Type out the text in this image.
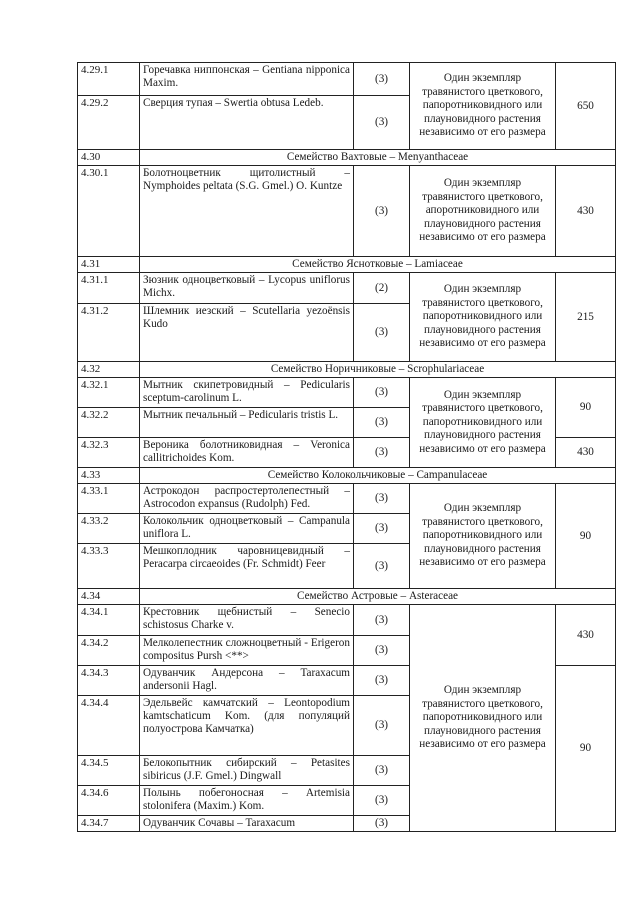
4.29.1	Горечавка ниппонская – Gentiana nipponica Maxim.	(3)	Один экземпляр травянистого цветкового, папоротниковидного или плауновидного растения независимо от его размера	650
4.29.2	Сверция тупая – Swertia obtusa Ledeb.	(3)		
4.30	Семейство Вахтовые – Menyanthaceae			
4.30.1	Болотноцветник щитолистный – Nymphoides peltata (S.G. Gmel.) O. Kuntze	(3)	Один экземпляр травянистого цветкового, апоротниковидного или плауновидного растения независимо от его размера	430
4.31	Семейство Яснотковые – Lamiaceae			
4.31.1	Зюзник одноцветковый – Lycopus uniflorus Michx.	(2)	Один экземпляр травянистого цветкового, папоротниковидного или плауновидного растения независимо от его размера	215
4.31.2	Шлемник иезский – Scutellaria yezoënsis Kudo	(3)		
4.32	Семейство Норичниковые – Scrophulariaceae			
4.32.1	Мытник скипетровидный – Pedicularis sceptum-carolinum L.	(3)	Один экземпляр травянистого цветкового, папоротниковидного или плауновидного растения независимо от его размера	90
4.32.2	Мытник печальный – Pedicularis tristis L.	(3)		
4.32.3	Вероника болотниковидная – Veronica callitrichoides Kom.	(3)		430
4.33	Семейство Колокольчиковые – Campanulaceae			
4.33.1	Астрокодон распростертолепестный – Astrocodon expansus (Rudolph) Fed.	(3)	Один экземпляр травянистого цветкового, папоротниковидного или плауновидного растения независимо от его размера	90
4.33.2	Колокольчик одноцветковый – Campanula uniflora L.	(3)		
4.33.3	Мешкоплодник чаровницевидный – Peracarpa circaeoides (Fr. Schmidt) Feer	(3)		
4.34	Семейство Астровые – Asteraceae			
4.34.1	Крестовник щебнистый – Senecio schistosus Charke v.	(3)	Один экземпляр травянистого цветкового, папоротниковидного или плауновидного растения независимо от его размера	430
4.34.2	Мелколепестник сложноцветный - Erigeron compositus Pursh <**>	(3)		
4.34.3	Одуванчик Андерсона – Taraxacum andersonii Hagl.	(3)		90
4.34.4	Эдельвейс камчатский – Leontopodium kamtschaticum Kom. (для популяций полуострова Камчатка)	(3)		
4.34.5	Белокопытник сибирский – Petasites sibiricus (J.F. Gmel.) Dingwall	(3)		
4.34.6	Полынь побегоносная – Artemisia stolonifera (Maxim.) Kom.	(3)		
4.34.7	Одуванчик Сочавы – Taraxacum	(3)		
